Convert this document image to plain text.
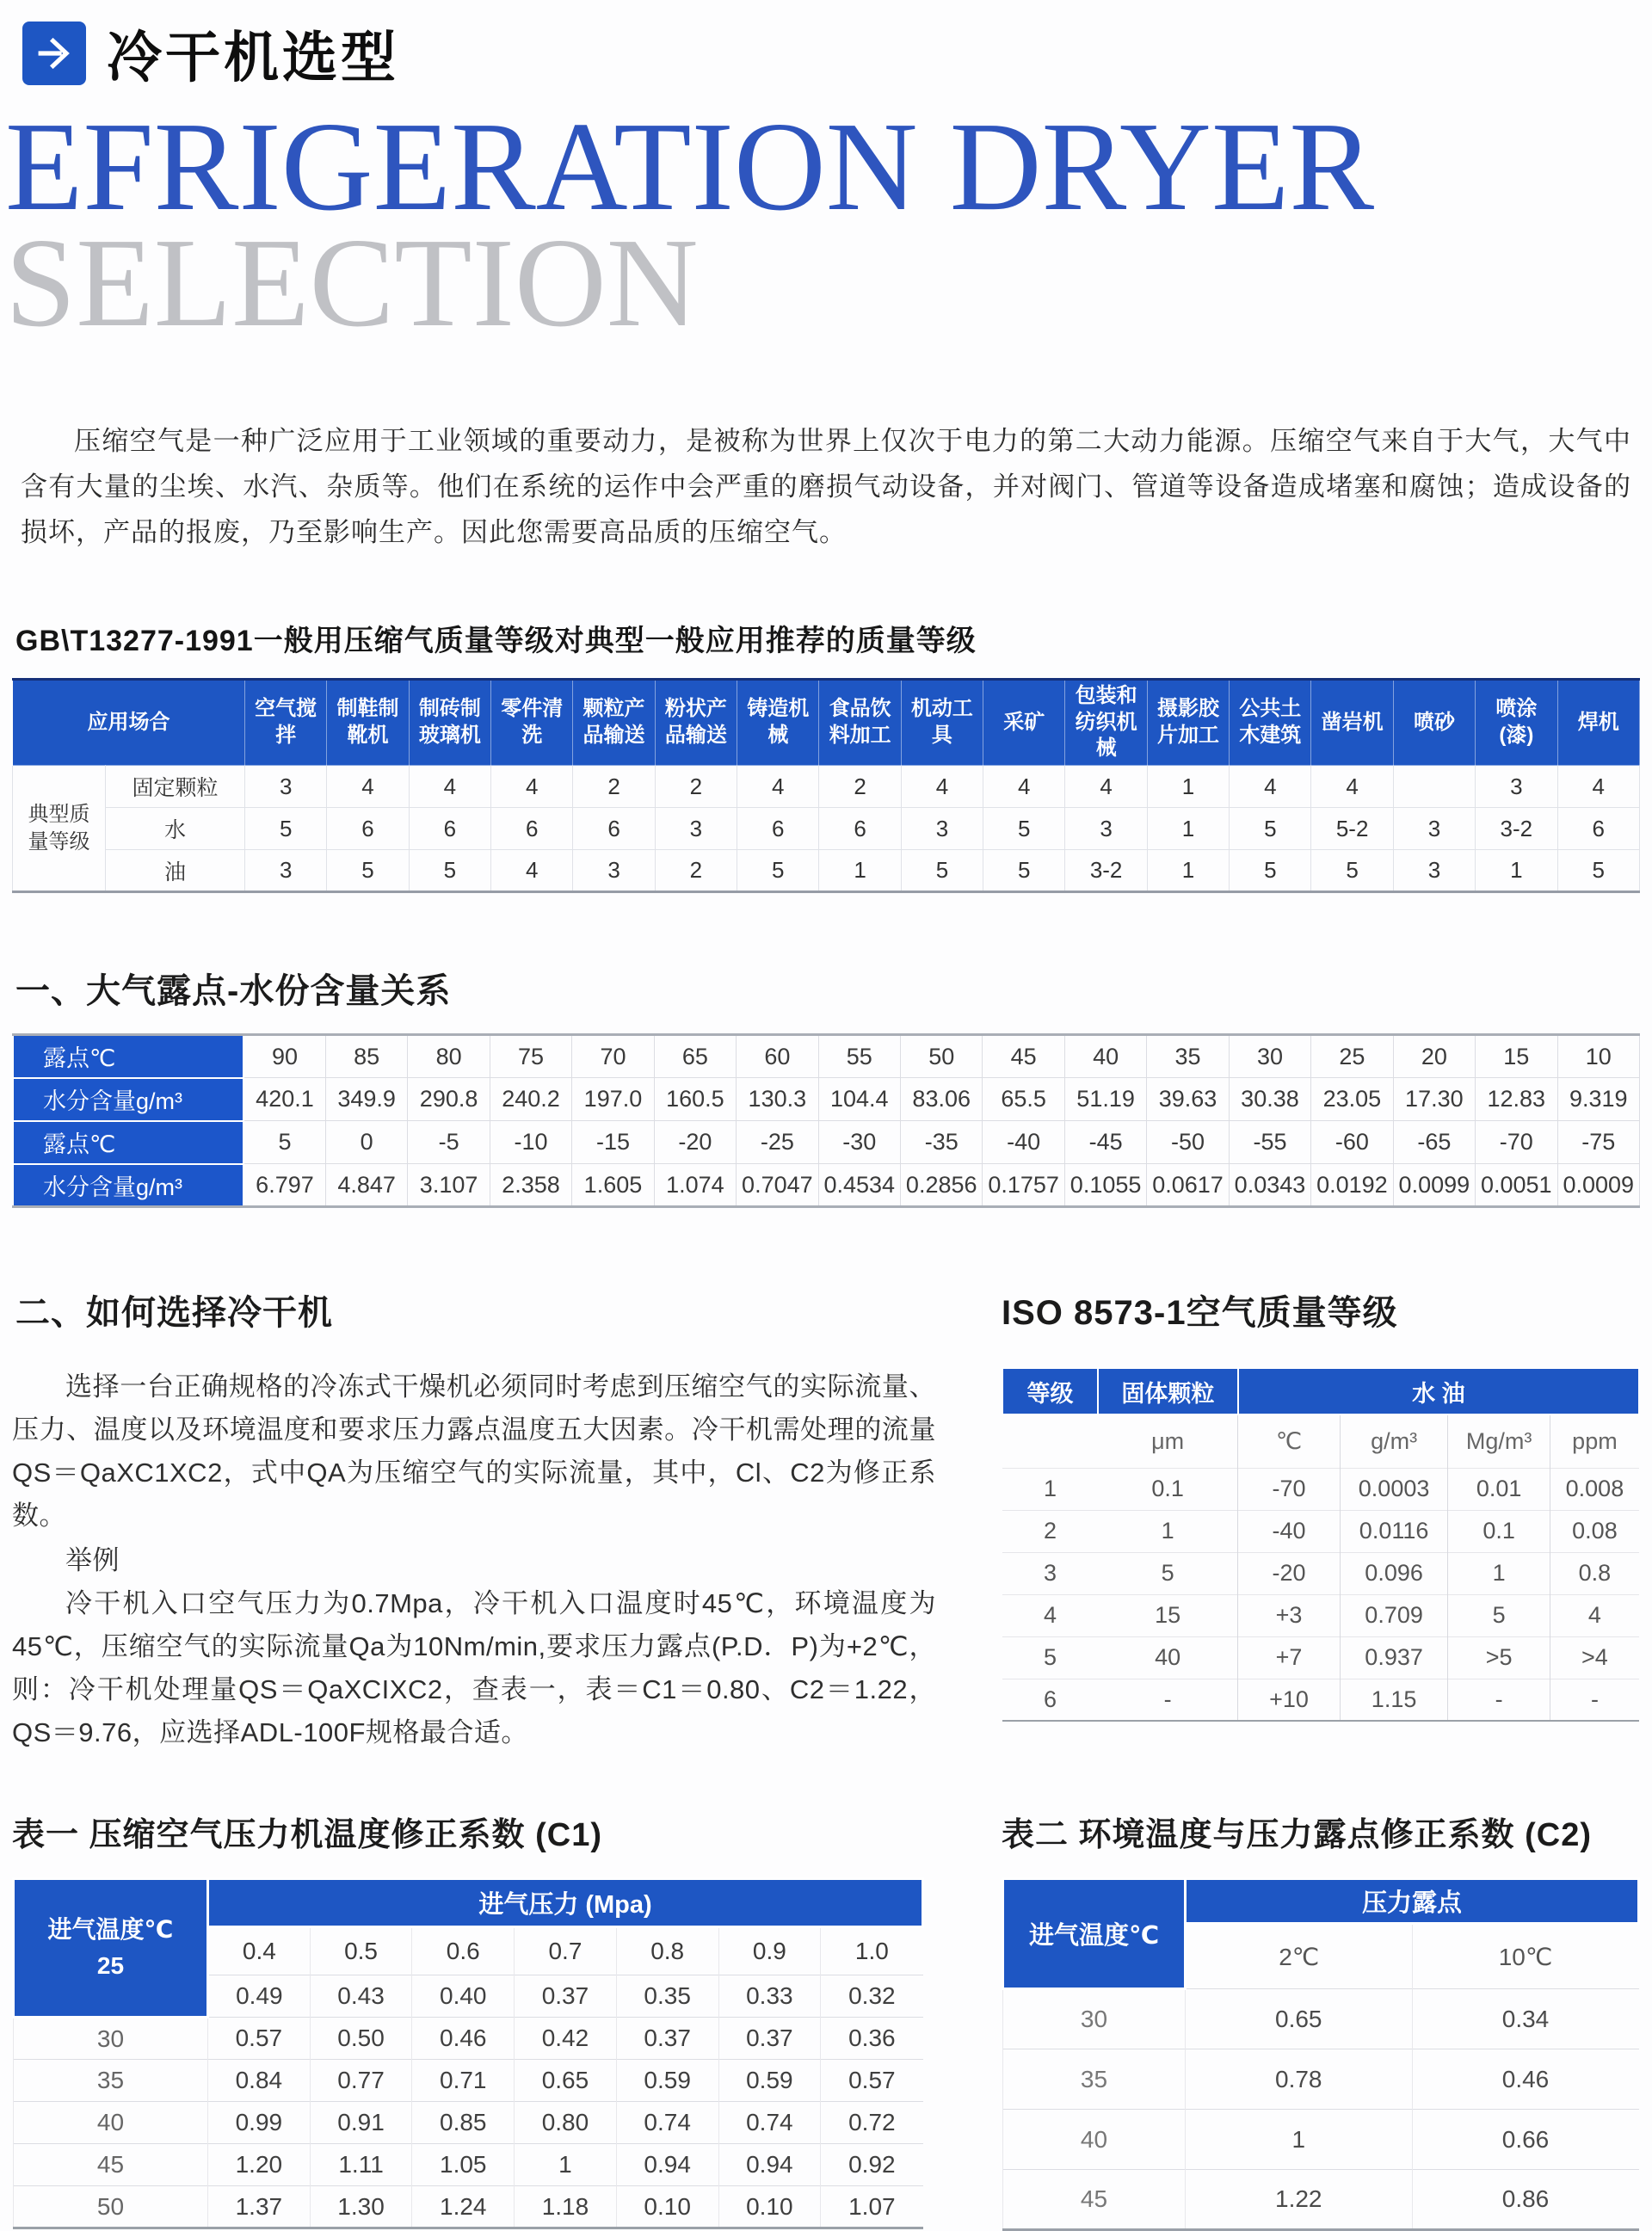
冷干机选型
EFRIGERATION DRYER
SELECTION
压缩空气是一种广泛应用于工业领域的重要动力，是被称为世界上仅次于电力的第二大动力能源。压缩空气来自于大气，大气中含有大量的尘埃、水汽、杂质等。他们在系统的运作中会严重的磨损气动设备，并对阀门、管道等设备造成堵塞和腐蚀；造成设备的损坏，产品的报废，乃至影响生产。因此您需要高品质的压缩空气。
GB\T13277-1991一般用压缩气质量等级对典型一般应用推荐的质量等级
应用场合		空气搅拌	制鞋制靴机	制砖制玻璃机	零件清洗	颗粒产品输送	粉状产品输送	铸造机械	食品饮料加工	机动工具	采矿	包装和纺织机械	摄影胶片加工	公共土木建筑	凿岩机	喷砂	喷涂(漆)	焊机
典型质量等级	固定颗粒	3	4	4	4	2	2	4	2	4	4	4	1	4	4		3	4
	水	5	6	6	6	6	3	6	6	3	5	3	1	5	5-2	3	3-2	6
	油	3	5	5	4	3	2	5	1	5	5	3-2	1	5	5	3	1	5
一、大气露点-水份含量关系
露点℃	90	85	80	75	70	65	60	55	50	45	40	35	30	25	20	15	10
水分含量g/m³	420.1	349.9	290.8	240.2	197.0	160.5	130.3	104.4	83.06	65.5	51.19	39.63	30.38	23.05	17.30	12.83	9.319
露点℃	5	0	-5	-10	-15	-20	-25	-30	-35	-40	-45	-50	-55	-60	-65	-70	-75
水分含量g/m³	6.797	4.847	3.107	2.358	1.605	1.074	0.7047	0.4534	0.2856	0.1757	0.1055	0.0617	0.0343	0.0192	0.0099	0.0051	0.0009
二、如何选择冷干机

选择一台正确规格的冷冻式干燥机必须同时考虑到压缩空气的实际流量、压力、温度以及环境温度和要求压力露点温度五大因素。冷干机需处理的流量QS＝QaXC1XC2，式中QA为压缩空气的实际流量，其中，Cl、C2为修正系数。

举例

冷干机入口空气压力为0.7Mpa，冷干机入口温度时45℃，环境温度为45℃，压缩空气的实际流量Qa为10Nm/min,要求压力露点(P.D．P)为+2℃，则：冷干机处理量QS＝QaXCIXC2，查表一，表＝C1＝0.80、C2＝1.22，QS＝9.76，应选择ADL-100F规格最合适。

ISO 8573-1空气质量等级
等级	固体颗粒	水 油			
	μm	℃	g/m³	Mg/m³	ppm
1	0.1	-70	0.0003	0.01	0.008
2	1	-40	0.0116	0.1	0.08
3	5	-20	0.096	1	0.8
4	15	+3	0.709	5	4
5	40	+7	0.937	>5	>4
6	-	+10	1.15	-	-
表一 压缩空气压力机温度修正系数 (C1)
进气温度℃
25	进气压力 (Mpa)						
	0.4	0.5	0.6	0.7	0.8	0.9	1.0
	0.49	0.43	0.40	0.37	0.35	0.33	0.32
30	0.57	0.50	0.46	0.42	0.37	0.37	0.36
35	0.84	0.77	0.71	0.65	0.59	0.59	0.57
40	0.99	0.91	0.85	0.80	0.74	0.74	0.72
45	1.20	1.11	1.05	1	0.94	0.94	0.92
50	1.37	1.30	1.24	1.18	0.10	0.10	1.07
表二 环境温度与压力露点修正系数 (C2)
进气温度℃	压力露点	
	2℃	10℃
30	0.65	0.34
35	0.78	0.46
40	1	0.66
45	1.22	0.86
